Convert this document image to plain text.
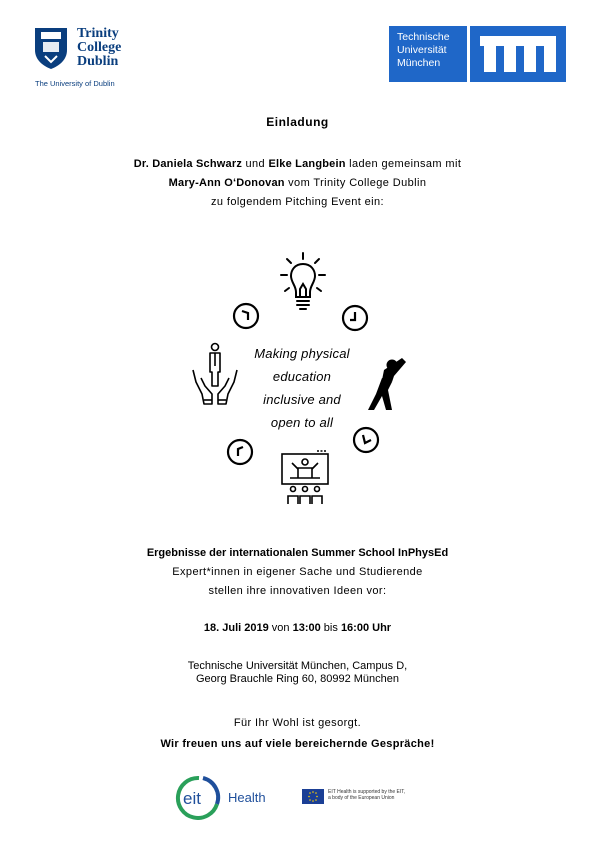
Trinity
College
Dublin
The University of Dublin
Technische
Universität
München
Einladung
Dr. Daniela Schwarz und Elke Langbein laden gemeinsam mit
Mary-Ann O‘Donovan vom Trinity College Dublin
zu folgendem Pitching Event ein:
Making physical
education
inclusive and
open to all
Ergebnisse der internationalen Summer School InPhysEd
Expert*innen in eigener Sache und Studierende
stellen ihre innovativen Ideen vor:
18. Juli 2019 von 13:00 bis 16:00 Uhr
Technische Universität München, Campus D,
Georg Brauchle Ring 60, 80992 München
Für Ihr Wohl ist gesorgt.
Wir freuen uns auf viele bereichernde Gespräche!
eit Health	EIT Health is supported by the EIT,
a body of the European Union
